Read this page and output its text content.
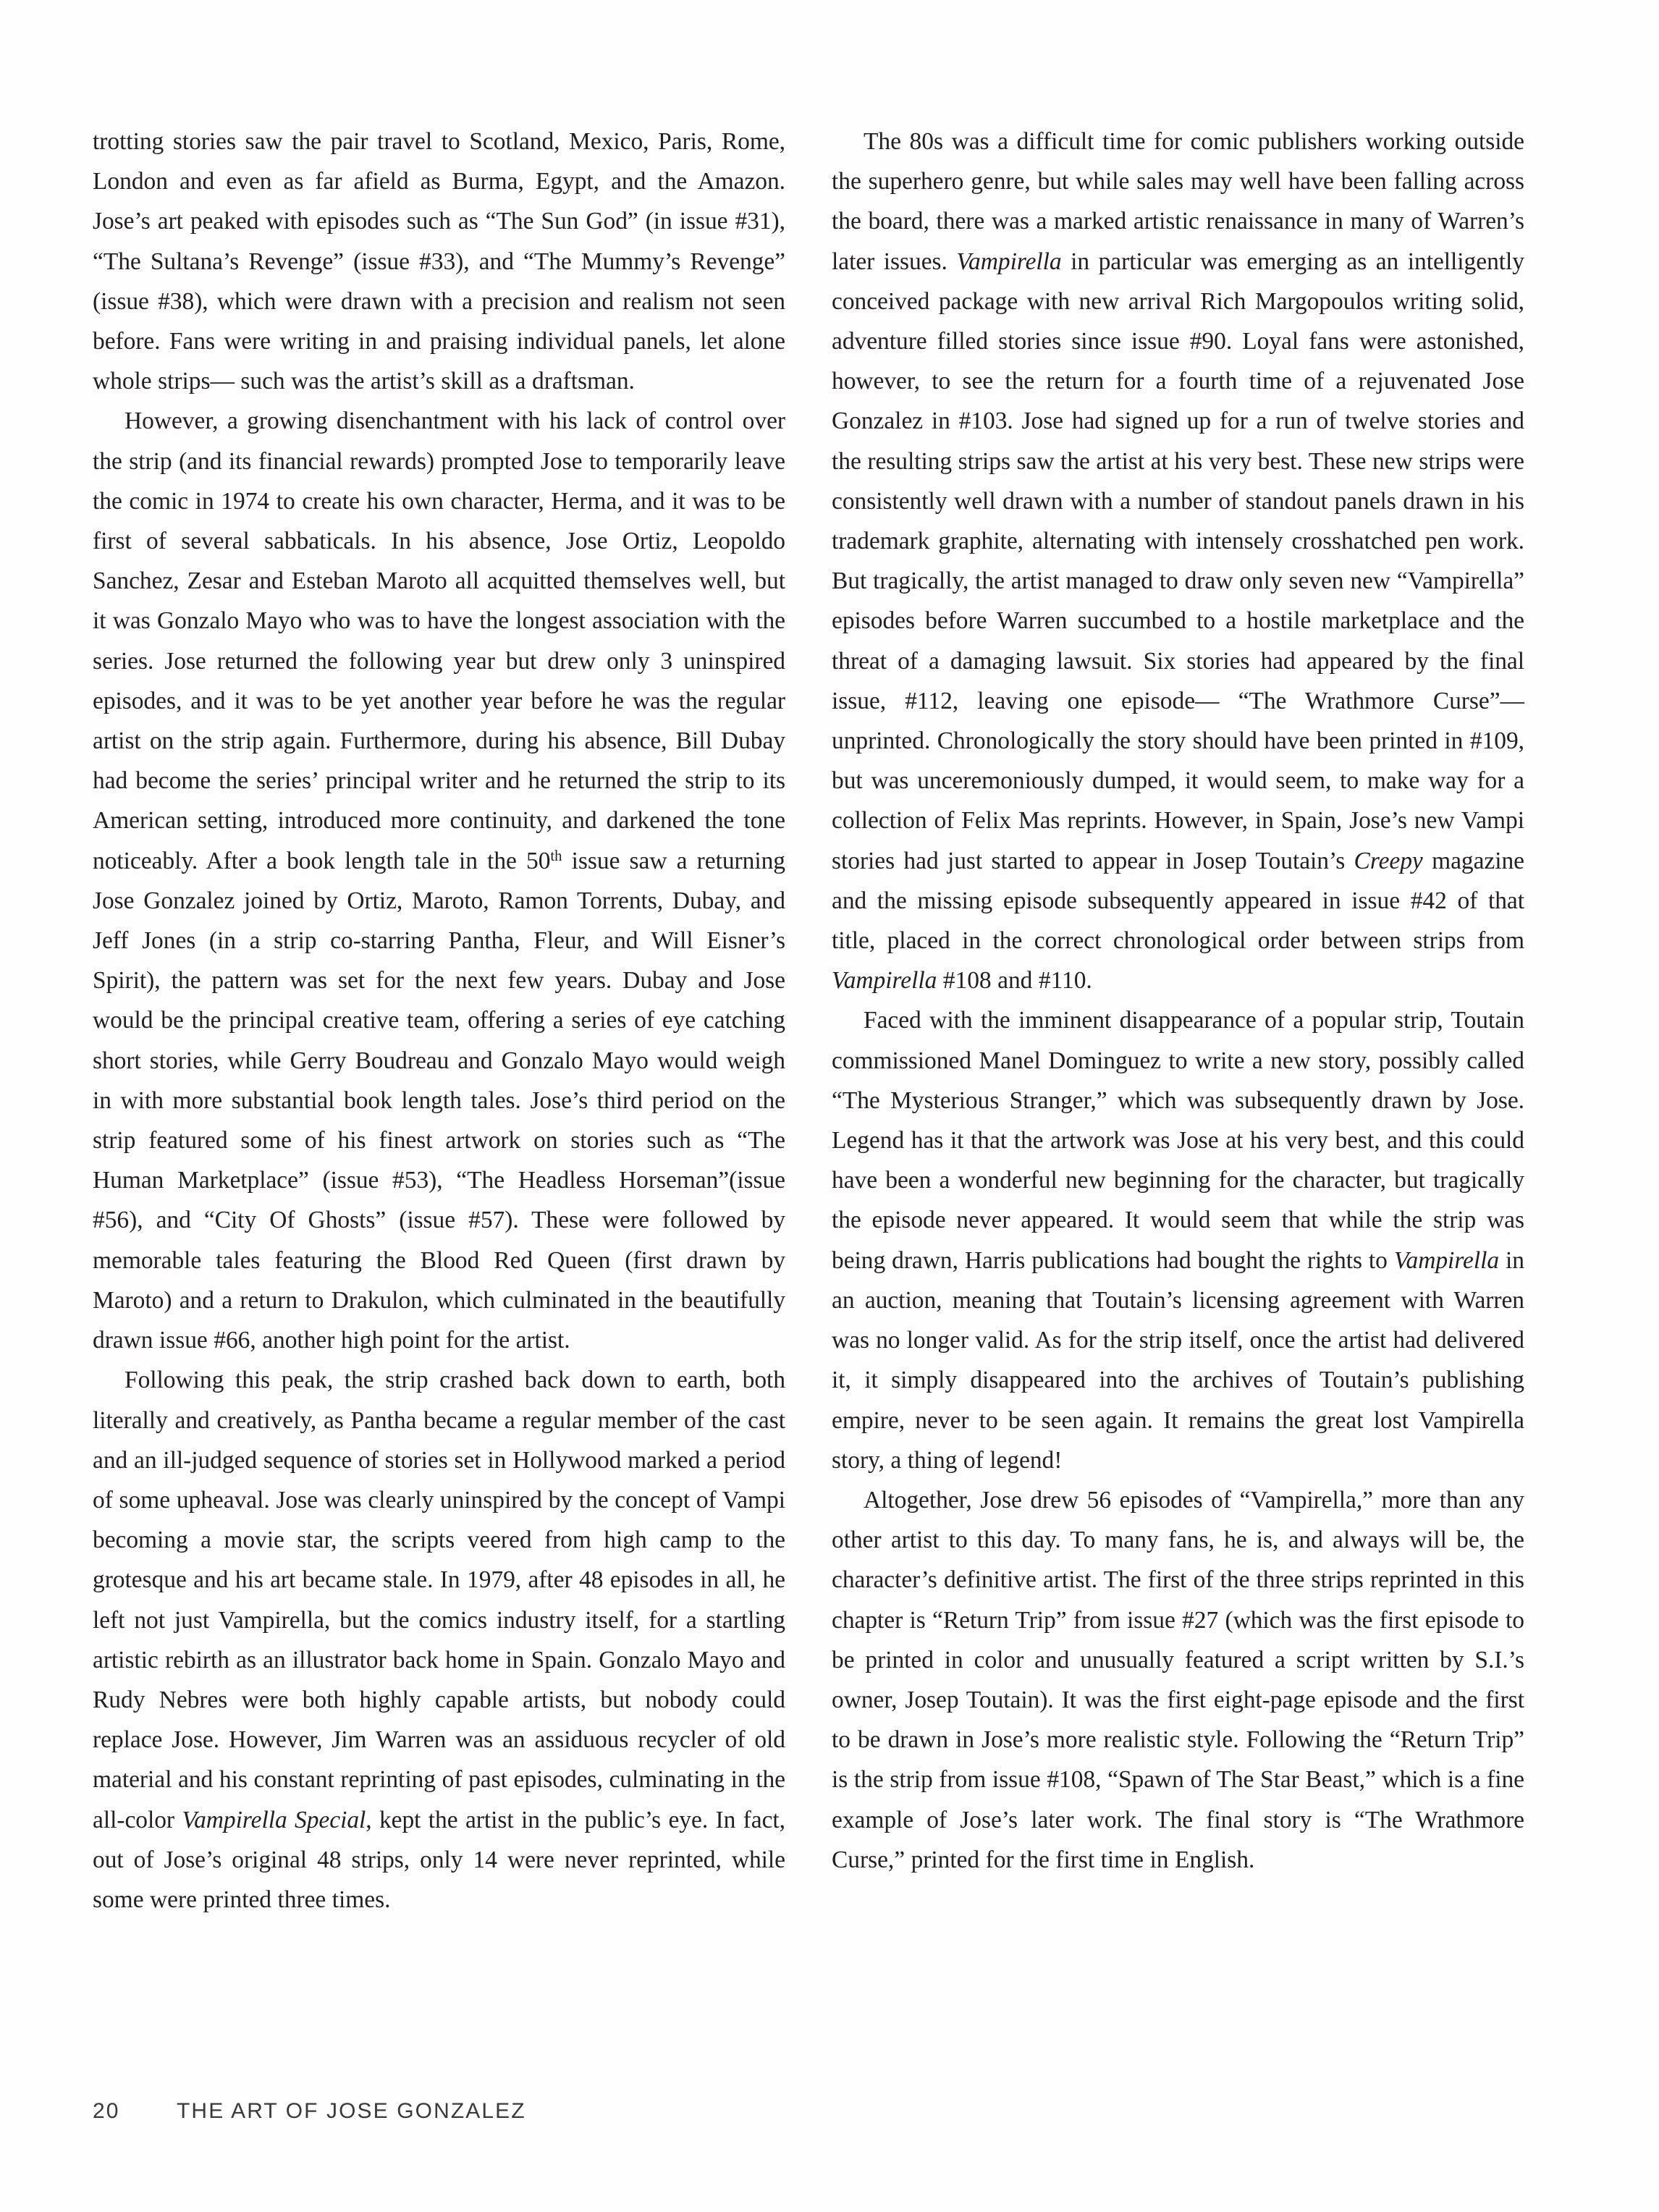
trotting stories saw the pair travel to Scotland, Mexico, Paris, Rome, London and even as far afield as Burma, Egypt, and the Amazon. Jose’s art peaked with episodes such as “The Sun God” (in issue #31), “The Sultana’s Revenge” (issue #33), and “The Mummy’s Revenge” (issue #38), which were drawn with a precision and realism not seen before. Fans were writing in and praising individual panels, let alone whole strips— such was the artist’s skill as a draftsman.

However, a growing disenchantment with his lack of control over the strip (and its financial rewards) prompted Jose to temporarily leave the comic in 1974 to create his own character, Herma, and it was to be first of several sabbaticals. In his absence, Jose Ortiz, Leopoldo Sanchez, Zesar and Esteban Maroto all acquitted themselves well, but it was Gonzalo Mayo who was to have the longest association with the series. Jose returned the following year but drew only 3 uninspired episodes, and it was to be yet another year before he was the regular artist on the strip again. Furthermore, during his absence, Bill Dubay had become the series’ principal writer and he returned the strip to its American setting, introduced more continuity, and darkened the tone noticeably. After a book length tale in the 50th issue saw a returning Jose Gonzalez joined by Ortiz, Maroto, Ramon Torrents, Dubay, and Jeff Jones (in a strip co-starring Pantha, Fleur, and Will Eisner’s Spirit), the pattern was set for the next few years. Dubay and Jose would be the principal creative team, offering a series of eye catching short stories, while Gerry Boudreau and Gonzalo Mayo would weigh in with more substantial book length tales. Jose’s third period on the strip featured some of his finest artwork on stories such as “The Human Marketplace” (issue #53), “The Headless Horseman”(issue #56), and “City Of Ghosts” (issue #57). These were followed by memorable tales featuring the Blood Red Queen (first drawn by Maroto) and a return to Drakulon, which culminated in the beautifully drawn issue #66, another high point for the artist.

Following this peak, the strip crashed back down to earth, both literally and creatively, as Pantha became a regular member of the cast and an ill-judged sequence of stories set in Hollywood marked a period of some upheaval. Jose was clearly uninspired by the concept of Vampi becoming a movie star, the scripts veered from high camp to the grotesque and his art became stale. In 1979, after 48 episodes in all, he left not just Vampirella, but the comics industry itself, for a startling artistic rebirth as an illustrator back home in Spain. Gonzalo Mayo and Rudy Nebres were both highly capable artists, but nobody could replace Jose. However, Jim Warren was an assiduous recycler of old material and his constant reprinting of past episodes, culminating in the all-color Vampirella Special, kept the artist in the public’s eye. In fact, out of Jose’s original 48 strips, only 14 were never reprinted, while some were printed three times.

The 80s was a difficult time for comic publishers working outside the superhero genre, but while sales may well have been falling across the board, there was a marked artistic renaissance in many of Warren’s later issues. Vampirella in particular was emerging as an intelligently conceived package with new arrival Rich Margopoulos writing solid, adventure filled stories since issue #90. Loyal fans were astonished, however, to see the return for a fourth time of a rejuvenated Jose Gonzalez in #103. Jose had signed up for a run of twelve stories and the resulting strips saw the artist at his very best. These new strips were consistently well drawn with a number of standout panels drawn in his trademark graphite, alternating with intensely crosshatched pen work. But tragically, the artist managed to draw only seven new “Vampirella” episodes before Warren succumbed to a hostile marketplace and the threat of a damaging lawsuit. Six stories had appeared by the final issue, #112, leaving one episode— “The Wrathmore Curse”— unprinted. Chronologically the story should have been printed in #109, but was unceremoniously dumped, it would seem, to make way for a collection of Felix Mas reprints. However, in Spain, Jose’s new Vampi stories had just started to appear in Josep Toutain’s Creepy magazine and the missing episode subsequently appeared in issue #42 of that title, placed in the correct chronological order between strips from Vampirella #108 and #110.

Faced with the imminent disappearance of a popular strip, Toutain commissioned Manel Dominguez to write a new story, possibly called “The Mysterious Stranger,” which was subsequently drawn by Jose. Legend has it that the artwork was Jose at his very best, and this could have been a wonderful new beginning for the character, but tragically the episode never appeared. It would seem that while the strip was being drawn, Harris publications had bought the rights to Vampirella in an auction, meaning that Toutain’s licensing agreement with Warren was no longer valid. As for the strip itself, once the artist had delivered it, it simply disappeared into the archives of Toutain’s publishing empire, never to be seen again. It remains the great lost Vampirella story, a thing of legend!

Altogether, Jose drew 56 episodes of “Vampirella,” more than any other artist to this day. To many fans, he is, and always will be, the character’s definitive artist. The first of the three strips reprinted in this chapter is “Return Trip” from issue #27 (which was the first episode to be printed in color and unusually featured a script written by S.I.’s owner, Josep Toutain). It was the first eight-page episode and the first to be drawn in Jose’s more realistic style. Following the “Return Trip” is the strip from issue #108, “Spawn of The Star Beast,” which is a fine example of Jose’s later work. The final story is “The Wrathmore Curse,” printed for the first time in English.

20	THE ART OF JOSE GONZALEZ
